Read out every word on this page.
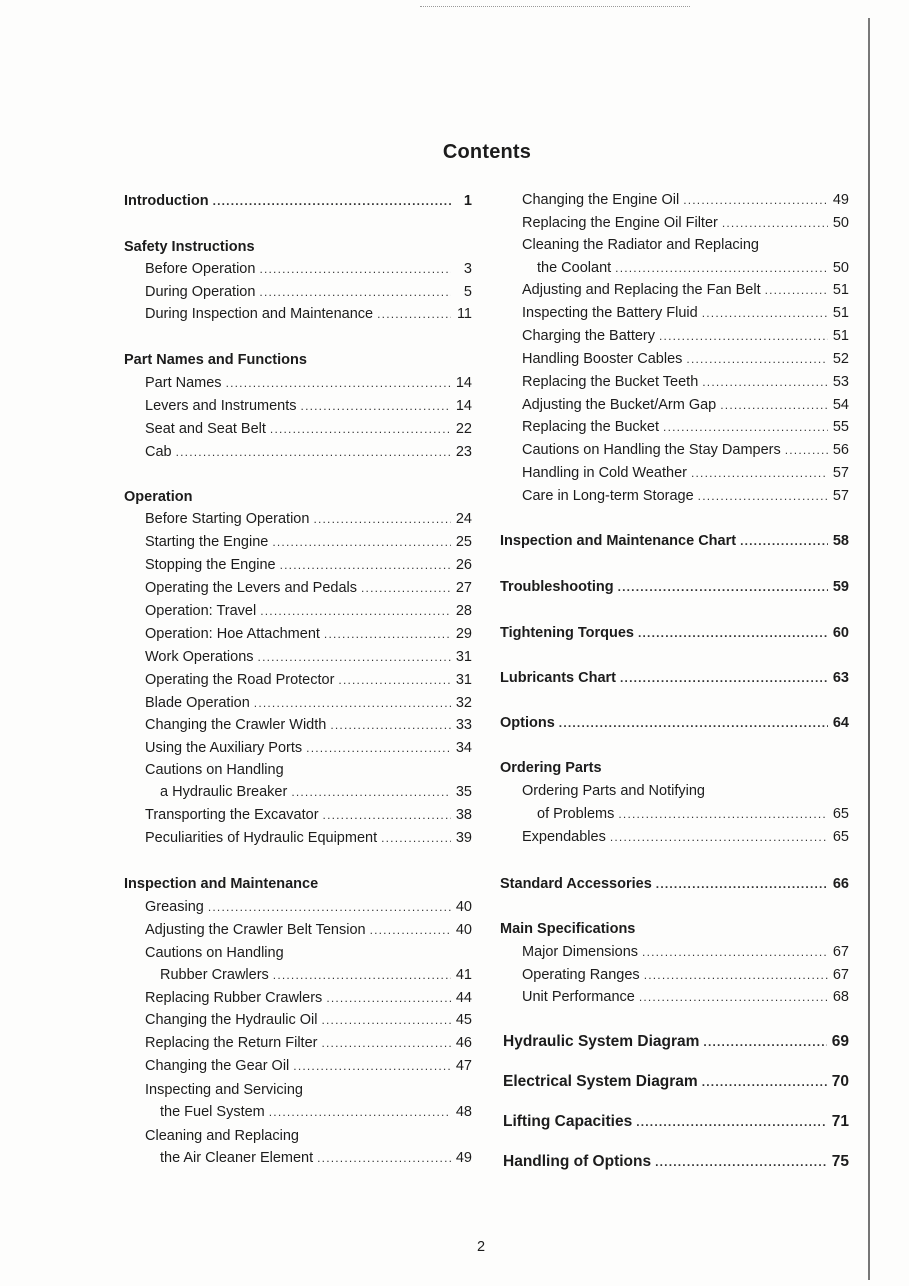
Contents
Introduction .....	1
Safety Instructions
Before Operation .....	3
During Operation .....	5
During Inspection and Maintenance .....	11
Part Names and Functions
Part Names .....	14
Levers and Instruments .....	14
Seat and Seat Belt .....	22
Cab .....	23
Operation
Before Starting Operation .....	24
Starting the Engine .....	25
Stopping the Engine .....	26
Operating the Levers and Pedals .....	27
Operation: Travel .....	28
Operation: Hoe Attachment .....	29
Work Operations .....	31
Operating the Road Protector .....	31
Blade Operation .....	32
Changing the Crawler Width .....	33
Using the Auxiliary Ports .....	34
Cautions on Handling
a Hydraulic Breaker .....	35
Transporting the Excavator .....	38
Peculiarities of Hydraulic Equipment .....	39
Inspection and Maintenance
Greasing .....	40
Adjusting the Crawler Belt Tension .....	40
Cautions on Handling
Rubber Crawlers .....	41
Replacing Rubber Crawlers .....	44
Changing the Hydraulic Oil .....	45
Replacing the Return Filter .....	46
Changing the Gear Oil .....	47
Inspecting and Servicing
the Fuel System .....	48
Cleaning and Replacing
the Air Cleaner Element .....	49
Changing the Engine Oil .....	49
Replacing the Engine Oil Filter .....	50
Cleaning the Radiator and Replacing
the Coolant .....	50
Adjusting and Replacing the Fan Belt .....	51
Inspecting the Battery Fluid .....	51
Charging the Battery .....	51
Handling Booster Cables .....	52
Replacing the Bucket Teeth .....	53
Adjusting the Bucket/Arm Gap .....	54
Replacing the Bucket .....	55
Cautions on Handling the Stay Dampers .....	56
Handling in Cold Weather .....	57
Care in Long-term Storage .....	57
Inspection and Maintenance Chart .....	58
Troubleshooting .....	59
Tightening Torques .....	60
Lubricants Chart .....	63
Options .....	64
Ordering Parts
Ordering Parts and Notifying
of Problems .....	65
Expendables .....	65
Standard Accessories .....	66
Main Specifications
Major Dimensions .....	67
Operating Ranges .....	67
Unit Performance .....	68
Hydraulic System Diagram .....	69
Electrical System Diagram .....	70
Lifting Capacities .....	71
Handling of Options .....	75
2
